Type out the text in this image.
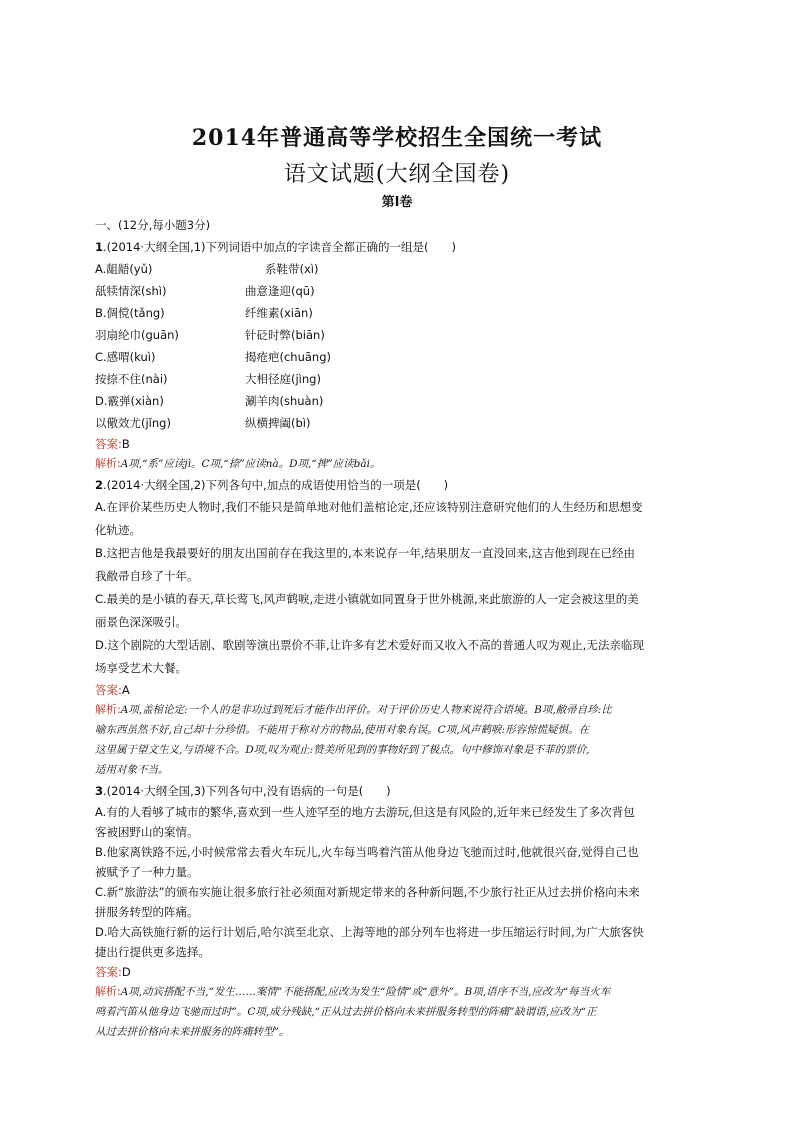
2014年普通高等学校招生全国统一考试
语文试题(大纲全国卷)
第Ⅰ卷
一、(12分,每小题3分)
1.(2014·大纲全国,1)下列词语中加点的字读音全都正确的一组是(　　)
A.龃龉(yǔ)	系鞋带(xì)
舐犊情深(shì)	曲意逢迎(qū)
B.倜傥(tǎng)	纤维素(xiān)
羽扇纶巾(guān)	针砭时弊(biān)
C.感喟(kuì)	揭疮疤(chuāng)
按捺不住(nài)	大相径庭(jìng)
D.霰弹(xiàn)	涮羊肉(shuàn)
以儆效尤(jǐng)	纵横捭阖(bì)
答案:B
解析:A项,“系”应读jì。C项,“捺”应读nà。D项,“捭”应读bǎi。
2.(2014·大纲全国,2)下列各句中,加点的成语使用恰当的一项是(　　)
A.在评价某些历史人物时,我们不能只是简单地对他们盖棺论定,还应该特别注意研究他们的人生经历和思想变
化轨迹。
B.这把吉他是我最要好的朋友出国前存在我这里的,本来说存一年,结果朋友一直没回来,这吉他到现在已经由
我敝帚自珍了十年。
C.最美的是小镇的春天,草长莺飞,风声鹤唳,走进小镇就如同置身于世外桃源,来此旅游的人一定会被这里的美
丽景色深深吸引。
D.这个剧院的大型话剧、歌剧等演出票价不菲,让许多有艺术爱好而又收入不高的普通人叹为观止,无法亲临现
场享受艺术大餐。
答案:A
解析:A项,盖棺论定:一个人的是非功过到死后才能作出评价。对于评价历史人物来说符合语境。B项,敝帚自珍:比
喻东西虽然不好,自己却十分珍惜。不能用于称对方的物品,使用对象有误。C项,风声鹤唳:形容惊慌疑惧。在
这里属于望文生义,与语境不合。D项,叹为观止:赞美所见到的事物好到了极点。句中修饰对象是不菲的票价,
适用对象不当。
3.(2014·大纲全国,3)下列各句中,没有语病的一句是(　　)
A.有的人看够了城市的繁华,喜欢到一些人迹罕至的地方去游玩,但这是有风险的,近年来已经发生了多次背包
客被困野山的案情。
B.他家离铁路不远,小时候常常去看火车玩儿,火车每当鸣着汽笛从他身边飞驰而过时,他就很兴奋,觉得自己也
被赋予了一种力量。
C.新“旅游法”的颁布实施让很多旅行社必须面对新规定带来的各种新问题,不少旅行社正从过去拼价格向未来
拼服务转型的阵痛。
D.哈大高铁施行新的运行计划后,哈尔滨至北京、上海等地的部分列车也将进一步压缩运行时间,为广大旅客快
捷出行提供更多选择。
答案:D
解析:A项,动宾搭配不当,“发生……案情”不能搭配,应改为发生“险情”或“意外”。B项,语序不当,应改为“每当火车
鸣着汽笛从他身边飞驰而过时”。C项,成分残缺,“正从过去拼价格向未来拼服务转型的阵痛”缺谓语,应改为“正
从过去拼价格向未来拼服务的阵痛转型”。
